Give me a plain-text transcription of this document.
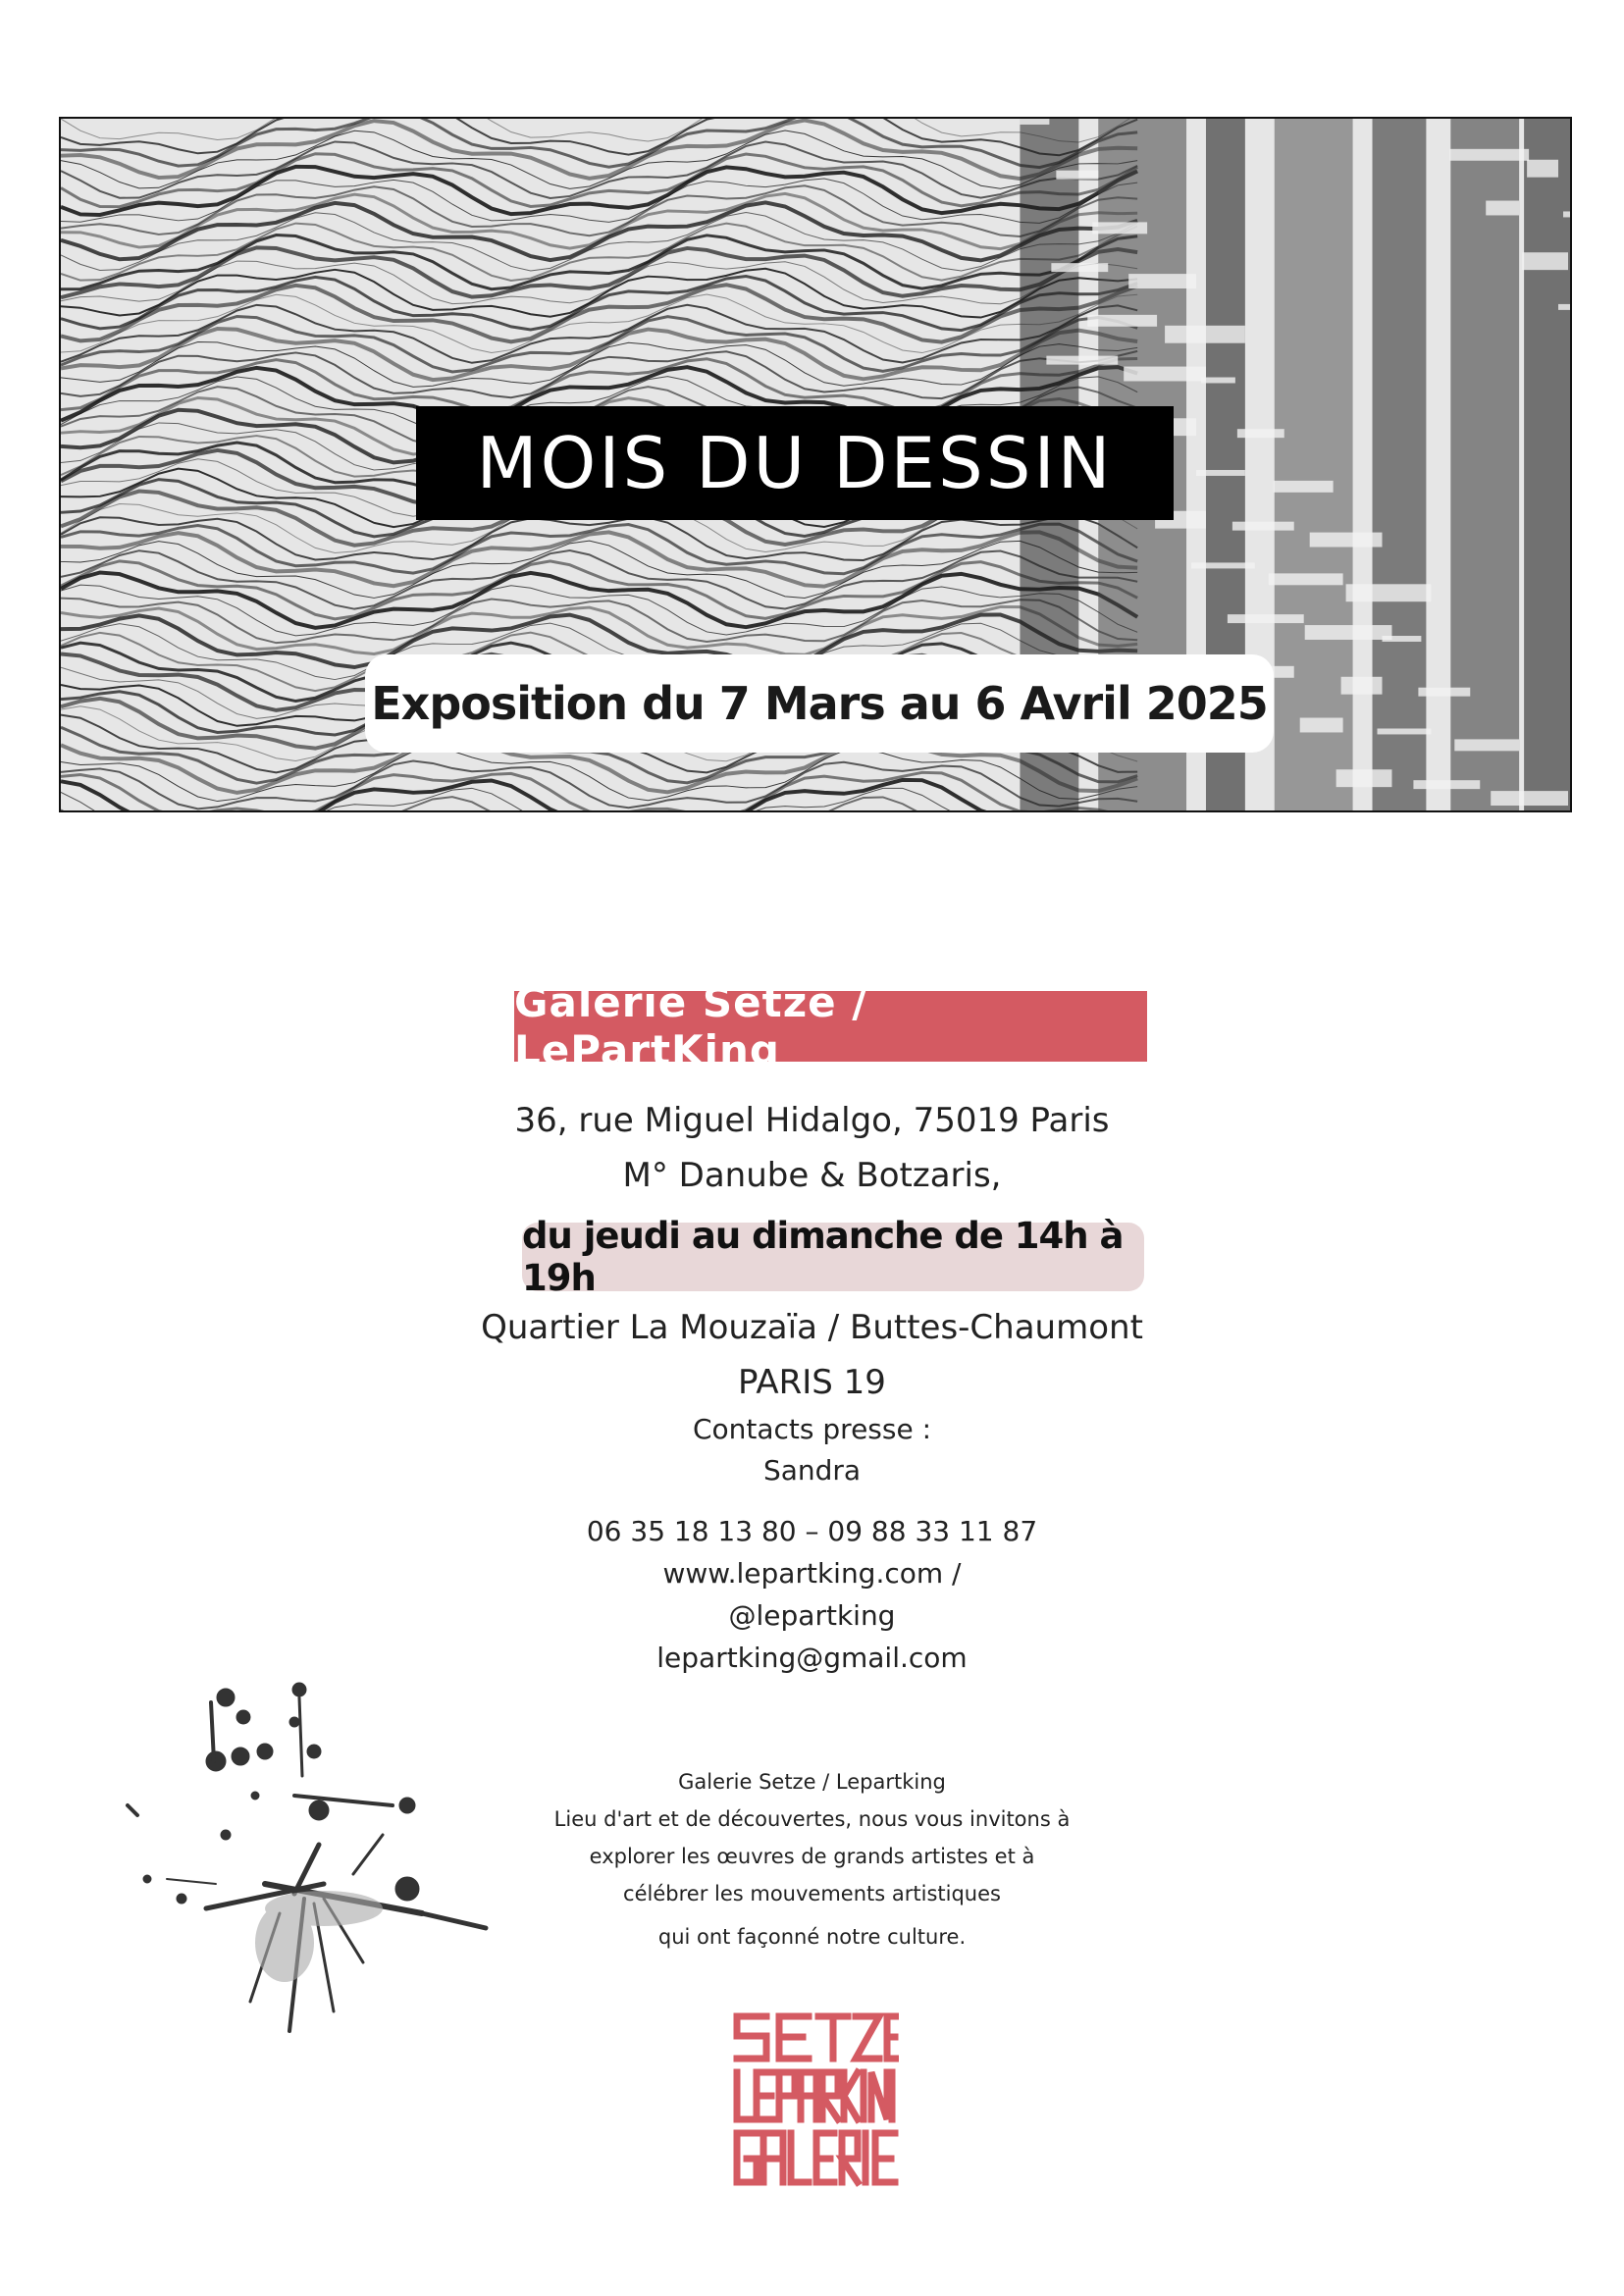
MOIS DU DESSIN
Exposition du 7 Mars au 6 Avril 2025
Galerie Setze / LePartKing
36, rue Miguel Hidalgo, 75019 Paris
M° Danube & Botzaris,
du jeudi au dimanche de 14h à 19h
Quartier La Mouzaïa / Buttes-Chaumont
PARIS 19
Contacts presse :
Sandra
06 35 18 13 80 – 09 88 33 11 87
www.lepartking.com /
@lepartking
lepartking@gmail.com
Galerie Setze / Lepartking
Lieu d'art et de découvertes, nous vous invitons à
explorer les œuvres de grands artistes et à
célébrer les mouvements artistiques
qui ont façonné notre culture.
